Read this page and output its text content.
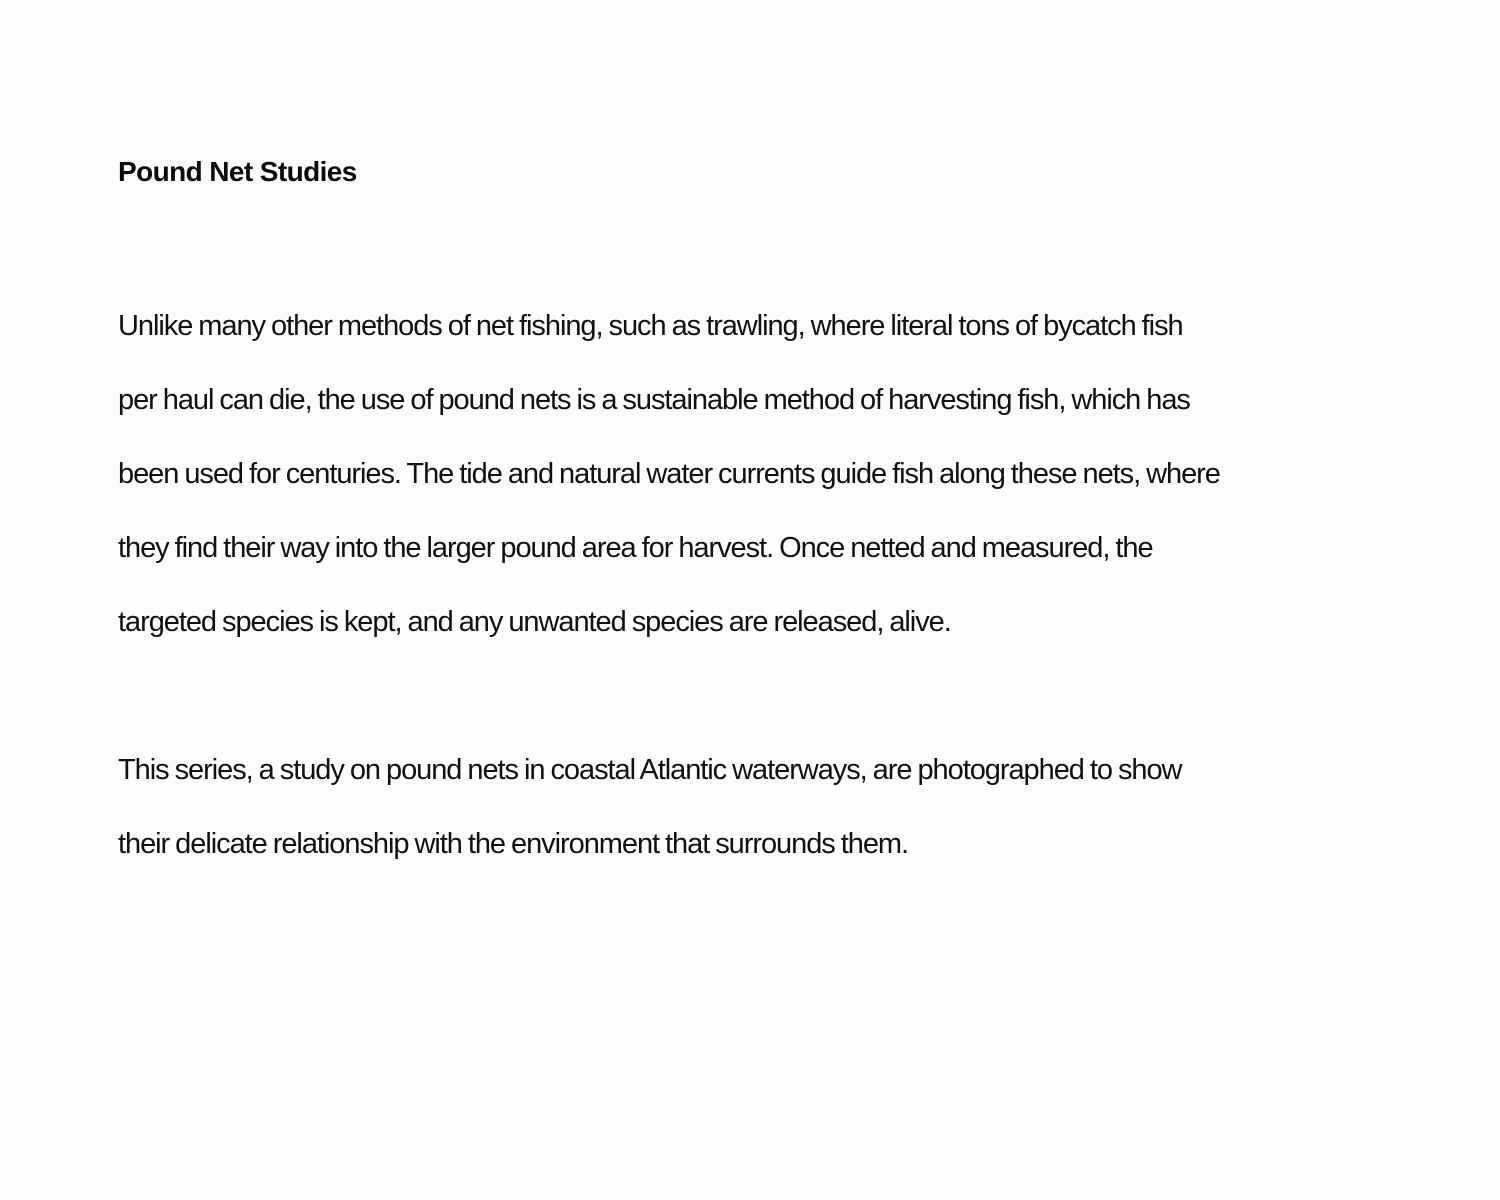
Pound Net Studies

Unlike many other methods of net fishing, such as trawling, where literal tons of bycatch fish
per haul can die, the use of pound nets is a sustainable method of harvesting fish, which has
been used for centuries. The tide and natural water currents guide fish along these nets, where
they find their way into the larger pound area for harvest. Once netted and measured, the
targeted species is kept, and any unwanted species are released, alive.

This series, a study on pound nets in coastal Atlantic waterways, are photographed to show
their delicate relationship with the environment that surrounds them.
